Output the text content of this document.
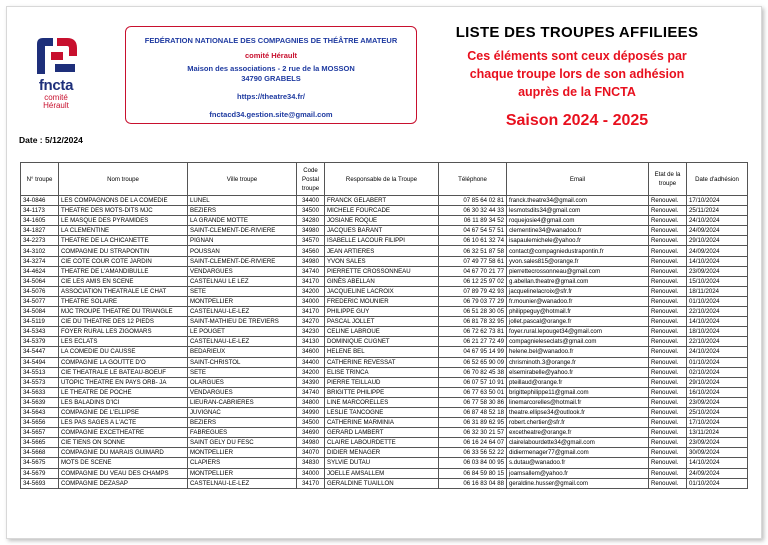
fncta
comité
Hérault
FEDÉRATION NATIONALE DES COMPAGNIES DE THÉÂTRE AMATEUR
comité Hérault
Maison des associations - 2 rue de la MOSSON
34790 GRABELS
https://theatre34.fr/
fnctacd34.gestion.site@gmail.com
LISTE DES TROUPES AFFILIEES
Ces éléments sont ceux déposés par
chaque troupe lors de son adhésion
auprès de la FNCTA
Saison 2024 - 2025
Date : 5/12/2024
N° troupe	Nom troupe	Ville troupe	Code Postal troupe	Responsable de la Troupe	Téléphone	Email	Etat de la troupe	Date d'adhésion
34-0846	LES COMPAGNONS DE LA COMEDIE	LUNEL	34400	FRANCK GELABERT	07 85 64 02 81	franck.theatre34@gmail.com	Renouvel.	17/10/2024
34-1173	THEATRE DES MOTS-DITS MJC	BEZIERS	34500	MICHELE FOURCADE	06 30 32 44 33	lesmotsdits34@gmail.com	Renouvel.	25/11/2024
34-1605	LE MASQUE DES PYRAMIDES	LA GRANDE MOTTE	34280	JOSIANE ROQUE	06 11 89 34 52	roquejosie4@gmail.com	Renouvel.	24/10/2024
34-1827	LA CLEMENTINE	SAINT-CLEMENT-DE-RIVIERE	34980	JACQUES BARANT	04 67 54 57 51	clementine34@wanadoo.fr	Renouvel.	24/09/2024
34-2273	THEATRE DE LA CHICANETTE	PIGNAN	34570	ISABELLE LACOUR FILIPPI	06 10 61 32 74	isapaulemichele@yahoo.fr	Renouvel.	29/10/2024
34-3102	COMPAGNIE DU STRAPONTIN	POUSSAN	34560	JEAN ARTIERES	06 32 51 87 58	contact@compagniedustrapontin.fr	Renouvel.	24/09/2024
34-3274	CIE COTE COUR COTE JARDIN	SAINT-CLEMENT-DE-RIVIERE	34980	YVON SALES	07 49 77 58 61	yvon.sales815@orange.fr	Renouvel.	14/10/2024
34-4624	THEATRE DE L'AMANDIBULLE	VENDARGUES	34740	PIERRETTE CROSSONNEAU	04 67 70 21 77	pierrettecrossonneau@gmail.com	Renouvel.	23/09/2024
34-5064	CIE LES AMIS EN SCENE	CASTELNAU LE LEZ	34170	GINÈS ABELLAN	06 12 25 97 02	g.abellan.theatre@gmail.com	Renouvel.	15/10/2024
34-5076	ASSOCIATION THEATRALE LE CHAT	SETE	34200	JACQUELINE LACROIX	07 89 79 42 93	jacquelinelacroix@sfr.fr	Renouvel.	18/11/2024
34-5077	THEATRE SOLAIRE	MONTPELLIER	34000	FREDERIC MOUNIER	06 79 03 77 29	fr.mounier@wanadoo.fr	Renouvel.	01/10/2024
34-5084	MJC TROUPE THEATRE DU TRIANGLE	CASTELNAU-LE-LEZ	34170	PHILIPPE GUY	06 51 28 30 05	philippeguy@hotmail.fr	Renouvel.	22/10/2024
34-5119	CIE DU THEATRE DES 12 PIEDS	SAINT-MATHIEU DE TREVIERS	34270	PASCAL JOLLET	06 81 78 32 95	jollet.pascal@orange.fr	Renouvel.	14/10/2024
34-5343	FOYER RURAL LES ZIGOMARS	LE POUGET	34230	CELINE LABROUE	06 72 62 73 81	foyer.rural.lepouget34@gmail.com	Renouvel.	18/10/2024
34-5379	LES ECLATS	CASTELNAU-LE-LEZ	34130	DOMINIQUE CUGNET	06 21 27 72 49	compagnieleseclats@gmail.com	Renouvel.	22/10/2024
34-5447	LA COMEDIE DU CAUSSE	BEDARIEUX	34600	HELENE BEL	04 67 95 14 99	helene.bel@wanadoo.fr	Renouvel.	24/10/2024
34-5494	COMPAGNIE LA GOUTTE D'O	SAINT-CHRISTOL	34400	CATHERINE REVESSAT	06 52 65 90 09	chrisminoth.3@orange.fr	Renouvel.	01/10/2024
34-5513	CIE THEATRALE LE BATEAU-BOEUF	SETE	34200	ELISE TRINCA	06 70 82 45 38	elsemirabelle@yahoo.fr	Renouvel.	02/10/2024
34-5573	UTOPIC THEATRE EN PAYS ORB- JA	OLARGUES	34390	PIERRE TEILLAUD	06 07 57 10 91	pteillaud@orange.fr	Renouvel.	29/10/2024
34-5633	LE THEATRE DE POCHE	VENDARGUES	34740	BRIGITTE PHILIPPE	06 77 63 50 01	brigittephilippe11@gmail.com	Renouvel.	16/10/2024
34-5639	LES BALADINS D'ICI	LIEURAN-CABRIERES	34800	LINE MARCORELLES	06 77 58 30 86	linemarcorelles@hotmail.fr	Renouvel.	23/09/2024
34-5643	COMPAGNIE DE L'ELLIPSE	JUVIGNAC	34990	LESLIE TANCOGNE	06 87 48 52 18	theatre.ellipse34@outlook.fr	Renouvel.	25/10/2024
34-5656	LES PAS SAGES A L'ACTE	BEZIERS	34500	CATHERINE MARMINIA	06 31 89 62 95	robert.chertier@sfr.fr	Renouvel.	17/10/2024
34-5657	COMPAGNIE EXCETHEATRE	FABREGUES	34690	GERARD LAMBERT	06 32 30 21 57	excetheatre@orange.fr	Renouvel.	13/11/2024
34-5665	CIE TIENS ON SONNE	SAINT GELY DU FESC	34980	CLAIRE LABOURDETTE	06 16 24 64 07	clairelabourdette34@gmail.com	Renouvel.	23/09/2024
34-5668	COMPAGNIE DU MARAIS GUIMARD	MONTPELLIER	34070	DIDIER MENAGER	06 33 56 52 22	didiermenager77@gmail.com	Renouvel.	30/09/2024
34-5675	MOTS DE SCENE	CLAPIERS	34830	SYLVIE DUTAU	06 03 84 00 95	s.dutau@wanadoo.fr	Renouvel.	14/10/2024
34-5679	COMPAGNIE DU VEAU DES CHAMPS	MONTPELLIER	34000	JOELLE AMSALLEM	06 84 59 80 15	joamsallem@yahoo.fr	Renouvel.	24/09/2024
34-5693	COMPAGNIE DEZASAP	CASTELNAU-LE-LEZ	34170	GERALDINE TUAILLON	06 16 83 04 88	geraldine.husser@gmail.com	Renouvel.	01/10/2024
